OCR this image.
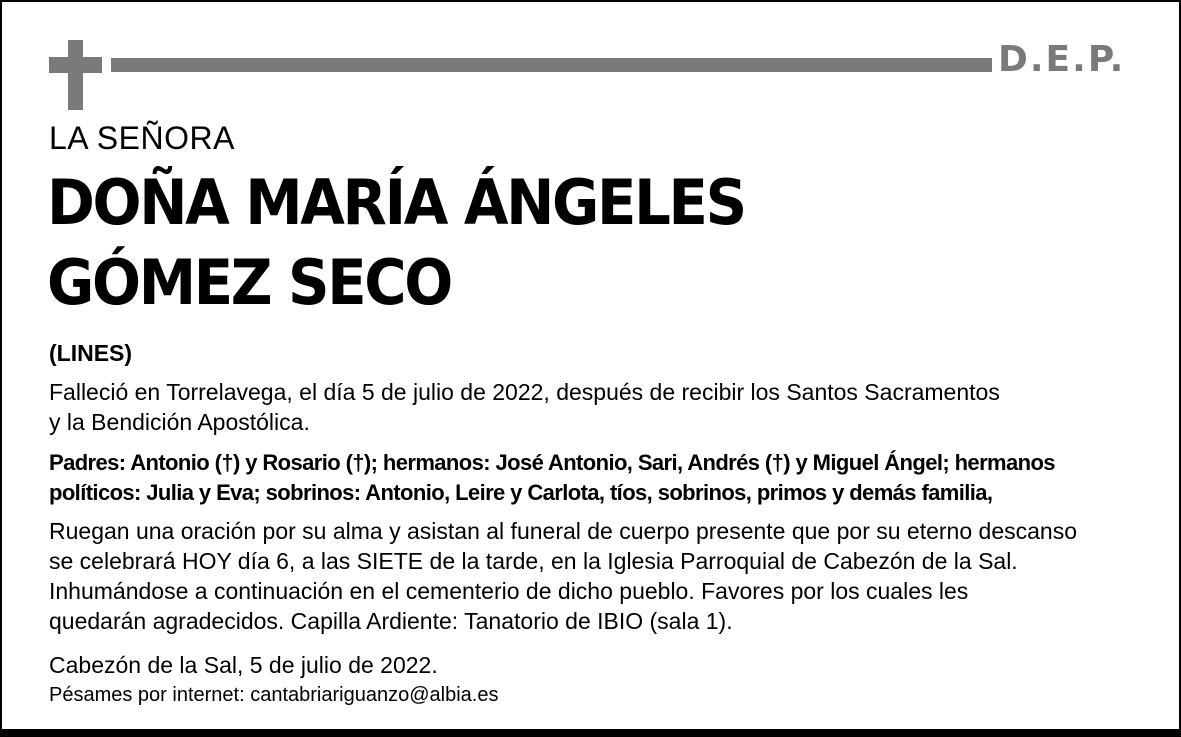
D.E.P.
LA SEÑORA
DOÑA MARÍA ÁNGELES
GÓMEZ SECO
(LINES)
Falleció en Torrelavega, el día 5 de julio de 2022, después de recibir los Santos Sacramentos
y la Bendición Apostólica.
Padres: Antonio (†) y Rosario (†); hermanos: José Antonio, Sari, Andrés (†) y Miguel Ángel; hermanos
políticos: Julia y Eva; sobrinos: Antonio, Leire y Carlota, tíos, sobrinos, primos y demás familia,
Ruegan una oración por su alma y asistan al funeral de cuerpo presente que por su eterno descanso
se celebrará HOY día 6, a las SIETE de la tarde, en la Iglesia Parroquial de Cabezón de la Sal.
Inhumándose a continuación en el cementerio de dicho pueblo. Favores por los cuales les
quedarán agradecidos. Capilla Ardiente: Tanatorio de IBIO (sala 1).
Cabezón de la Sal, 5 de julio de 2022.
Pésames por internet: cantabriariguanzo@albia.es
